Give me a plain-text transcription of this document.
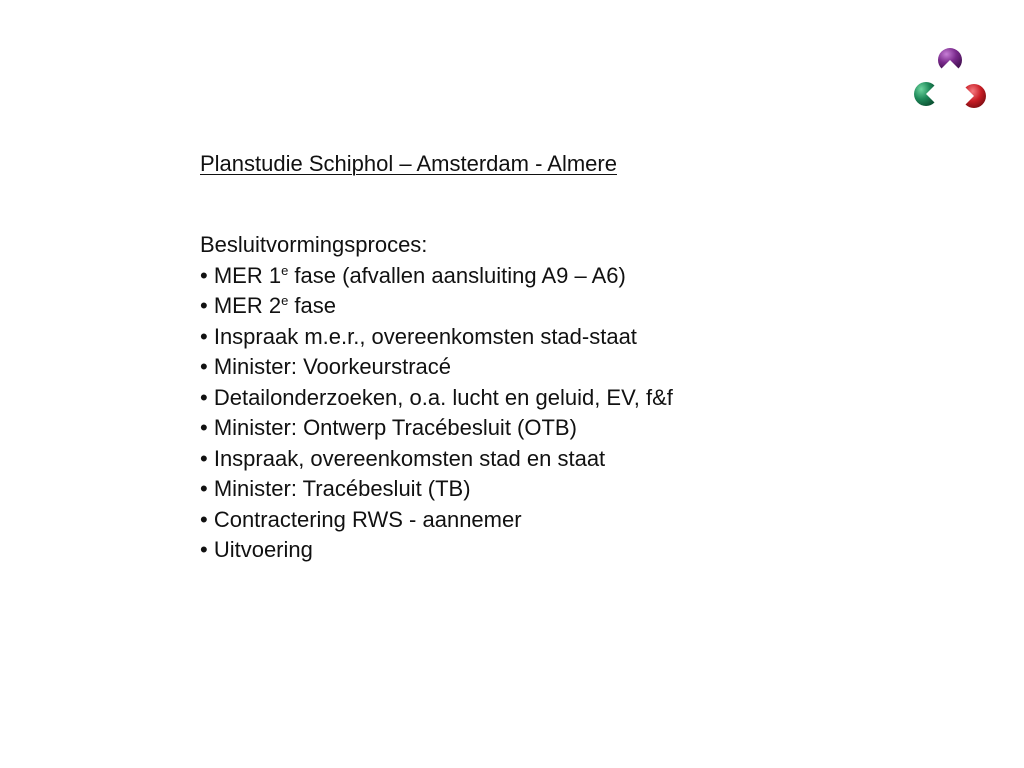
Planstudie Schiphol – Amsterdam - Almere
Besluitvormingsproces:
• MER 1e fase (afvallen aansluiting A9 – A6)
• MER 2e fase
• Inspraak m.e.r., overeenkomsten stad-staat
• Minister: Voorkeurstracé
• Detailonderzoeken, o.a. lucht en geluid, EV, f&f
• Minister: Ontwerp Tracébesluit (OTB)
• Inspraak, overeenkomsten stad en staat
• Minister: Tracébesluit (TB)
• Contractering RWS - aannemer
• Uitvoering
